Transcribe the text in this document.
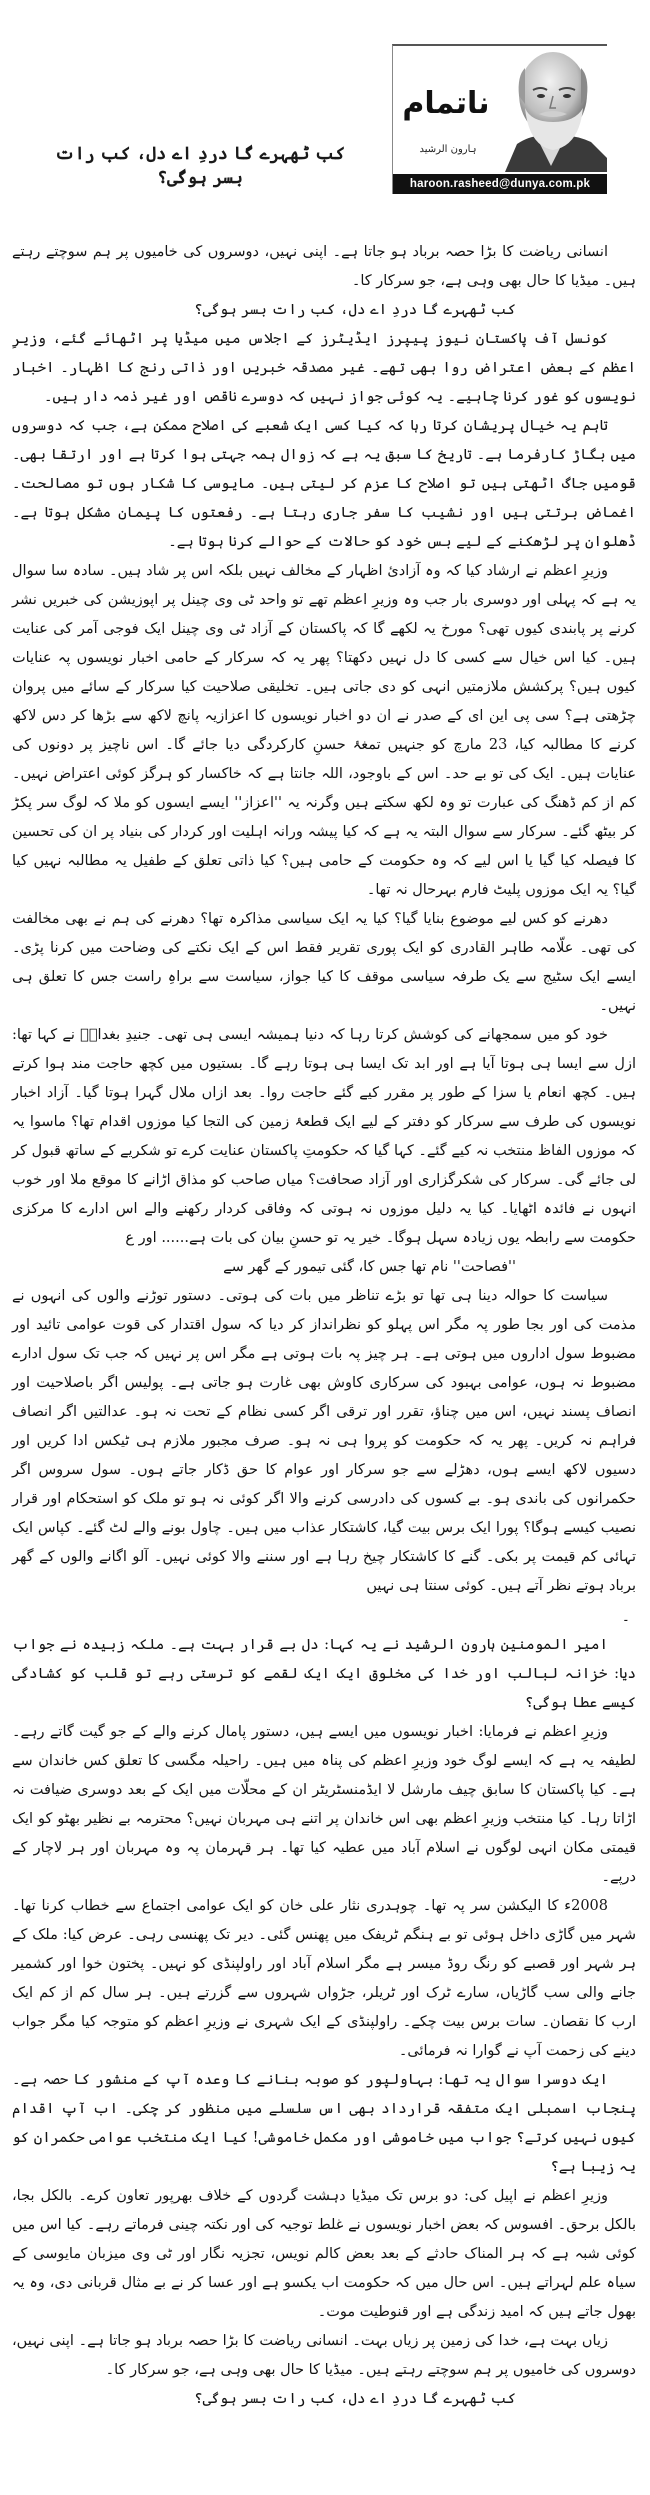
کب ٹھہرے گا دردِ اے دل، کب رات بسر ہوگی؟
ناتمام
ہارون الرشید
haroon.rasheed@dunya.com.pk

انسانی ریاضت کا بڑا حصہ برباد ہو جاتا ہے۔ اپنی نہیں، دوسروں کی خامیوں پر ہم سوچتے رہتے ہیں۔ میڈیا کا حال بھی وہی ہے، جو سرکار کا۔

کب ٹھہرے گا دردِ اے دل، کب رات بسر ہوگی؟

کونسل آف پاکستان نیوز پیپرز ایڈیٹرز کے اجلاس میں میڈیا پر اٹھائے گئے، وزیرِ اعظم کے بعض اعتراض روا بھی تھے۔ غیر مصدقہ خبریں اور ذاتی رنج کا اظہار۔ اخبار نویسوں کو غور کرنا چاہیے۔ یہ کوئی جواز نہیں کہ دوسرے ناقص اور غیر ذمہ دار ہیں۔

تاہم یہ خیال پریشان کرتا رہا کہ کیا کسی ایک شعبے کی اصلاح ممکن ہے، جب کہ دوسروں میں بگاڑ کارفرما ہے۔ تاریخ کا سبق یہ ہے کہ زوال ہمہ جہتی ہوا کرتا ہے اور ارتقا بھی۔ قومیں جاگ اٹھتی ہیں تو اصلاح کا عزم کر لیتی ہیں۔ مایوسی کا شکار ہوں تو مصالحت۔ اغماض برتتی ہیں اور نشیب کا سفر جاری رہتا ہے۔ رفعتوں کا پیمان مشکل ہوتا ہے۔ ڈھلوان پر لڑھکنے کے لیے بس خود کو حالات کے حوالے کرنا ہوتا ہے۔

وزیرِ اعظم نے ارشاد کیا کہ وہ آزادیٔ اظہار کے مخالف نہیں بلکہ اس پر شاد ہیں۔ سادہ سا سوال یہ ہے کہ پہلی اور دوسری بار جب وہ وزیرِ اعظم تھے تو واحد ٹی وی چینل پر اپوزیشن کی خبریں نشر کرنے پر پابندی کیوں تھی؟ مورخ یہ لکھے گا کہ پاکستان کے آزاد ٹی وی چینل ایک فوجی آمر کی عنایت ہیں۔ کیا اس خیال سے کسی کا دل نہیں دکھتا؟ پھر یہ کہ سرکار کے حامی اخبار نویسوں پہ عنایات کیوں ہیں؟ پرکشش ملازمتیں انہی کو دی جاتی ہیں۔ تخلیقی صلاحیت کیا سرکار کے سائے میں پروان چڑھتی ہے؟ سی پی این ای کے صدر نے ان دو اخبار نویسوں کا اعزازیہ پانچ لاکھ سے بڑھا کر دس لاکھ کرنے کا مطالبہ کیا، 23 مارچ کو جنہیں تمغۂ حسنِ کارکردگی دیا جائے گا۔ اس ناچیز پر دونوں کی عنایات ہیں۔ ایک کی تو بے حد۔ اس کے باوجود، اللہ جانتا ہے کہ خاکسار کو ہرگز کوئی اعتراض نہیں۔ کم از کم ڈھنگ کی عبارت تو وہ لکھ سکتے ہیں وگرنہ یہ ''اعزاز'' ایسے ایسوں کو ملا کہ لوگ سر پکڑ کر بیٹھ گئے۔ سرکار سے سوال البتہ یہ ہے کہ کیا پیشہ ورانہ اہلیت اور کردار کی بنیاد پر ان کی تحسین کا فیصلہ کیا گیا یا اس لیے کہ وہ حکومت کے حامی ہیں؟ کیا ذاتی تعلق کے طفیل یہ مطالبہ نہیں کیا گیا؟ یہ ایک موزوں پلیٹ فارم بہرحال نہ تھا۔

دھرنے کو کس لیے موضوع بنایا گیا؟ کیا یہ ایک سیاسی مذاکرہ تھا؟ دھرنے کی ہم نے بھی مخالفت کی تھی۔ علّامہ طاہر القادری کو ایک پوری تقریر فقط اس کے ایک نکتے کی وضاحت میں کرنا پڑی۔ ایسے ایک سٹیج سے یک طرفہ سیاسی موقف کا کیا جواز، سیاست سے براہِ راست جس کا تعلق ہی نہیں۔

خود کو میں سمجھانے کی کوشش کرتا رہا کہ دنیا ہمیشہ ایسی ہی تھی۔ جنیدِ بغدادؒ نے کہا تھا: ازل سے ایسا ہی ہوتا آیا ہے اور ابد تک ایسا ہی ہوتا رہے گا۔ بستیوں میں کچھ حاجت مند ہوا کرتے ہیں۔ کچھ انعام یا سزا کے طور پر مقرر کیے گئے حاجت روا۔ بعد ازاں ملال گہرا ہوتا گیا۔ آزاد اخبار نویسوں کی طرف سے سرکار کو دفتر کے لیے ایک قطعۂ زمین کی التجا کیا موزوں اقدام تھا؟ ماسوا یہ کہ موزوں الفاظ منتخب نہ کیے گئے۔ کہا گیا کہ حکومتِ پاکستان عنایت کرے تو شکریے کے ساتھ قبول کر لی جائے گی۔ سرکار کی شکرگزاری اور آزاد صحافت؟ میاں صاحب کو مذاق اڑانے کا موقع ملا اور خوب انہوں نے فائدہ اٹھایا۔ کیا یہ دلیل موزوں نہ ہوتی کہ وفاقی کردار رکھنے والے اس ادارے کا مرکزی حکومت سے رابطہ یوں زیادہ سہل ہوگا۔ خیر یہ تو حسنِ بیان کی بات ہے...... اور ع

''فصاحت'' نام تھا جس کا، گئی تیمور کے گھر سے

سیاست کا حوالہ دینا ہی تھا تو بڑے تناظر میں بات کی ہوتی۔ دستور توڑنے والوں کی انہوں نے مذمت کی اور بجا طور پہ مگر اس پہلو کو نظرانداز کر دیا کہ سول اقتدار کی قوت عوامی تائید اور مضبوط سول اداروں میں ہوتی ہے۔ ہر چیز پہ بات ہوتی ہے مگر اس پر نہیں کہ جب تک سول ادارے مضبوط نہ ہوں، عوامی بہبود کی سرکاری کاوش بھی غارت ہو جاتی ہے۔ پولیس اگر باصلاحیت اور انصاف پسند نہیں، اس میں چناؤ، تقرر اور ترقی اگر کسی نظام کے تحت نہ ہو۔ عدالتیں اگر انصاف فراہم نہ کریں۔ پھر یہ کہ حکومت کو پروا ہی نہ ہو۔ صرف مجبور ملازم ہی ٹیکس ادا کریں اور دسیوں لاکھ ایسے ہوں، دھڑلے سے جو سرکار اور عوام کا حق ڈکار جاتے ہوں۔ سول سروس اگر حکمرانوں کی باندی ہو۔ بے کسوں کی دادرسی کرنے والا اگر کوئی نہ ہو تو ملک کو استحکام اور قرار نصیب کیسے ہوگا؟ پورا ایک برس بیت گیا، کاشتکار عذاب میں ہیں۔ چاول بونے والے لٹ گئے۔ کپاس ایک تہائی کم قیمت پر بکی۔ گنے کا کاشتکار چیخ رہا ہے اور سننے والا کوئی نہیں۔ آلو اگانے والوں کے گھر برباد ہوتے نظر آتے ہیں۔ کوئی سنتا ہی نہیں

۔

امیر المومنین ہارون الرشید نے یہ کہا: دل بے قرار بہت ہے۔ ملکہ زبیدہ نے جواب دیا: خزانہ لبالب اور خدا کی مخلوق ایک ایک لقمے کو ترستی رہے تو قلب کو کشادگی کیسے عطا ہوگی؟

وزیرِ اعظم نے فرمایا: اخبار نویسوں میں ایسے ہیں، دستور پامال کرنے والے کے جو گیت گاتے رہے۔ لطیفہ یہ ہے کہ ایسے لوگ خود وزیرِ اعظم کی پناہ میں ہیں۔ راحیلہ مگسی کا تعلق کس خاندان سے ہے۔ کیا پاکستان کا سابق چیف مارشل لا ایڈمنسٹریٹر ان کے محلّات میں ایک کے بعد دوسری ضیافت نہ اڑاتا رہا۔ کیا منتخب وزیرِ اعظم بھی اس خاندان پر اتنے ہی مہربان نہیں؟ محترمہ بے نظیر بھٹو کو ایک قیمتی مکان انہی لوگوں نے اسلام آباد میں عطیہ کیا تھا۔ ہر قہرمان پہ وہ مہربان اور ہر لاچار کے درپے۔

2008ء کا الیکشن سر پہ تھا۔ چوہدری نثار علی خان کو ایک عوامی اجتماع سے خطاب کرنا تھا۔ شہر میں گاڑی داخل ہوئی تو بے ہنگم ٹریفک میں پھنس گئی۔ دیر تک پھنسی رہی۔ عرض کیا: ملک کے ہر شہر اور قصبے کو رنگ روڈ میسر ہے مگر اسلام آباد اور راولپنڈی کو نہیں۔ پختون خوا اور کشمیر جانے والی سب گاڑیاں، سارے ٹرک اور ٹریلر، جڑواں شہروں سے گزرتے ہیں۔ ہر سال کم از کم ایک ارب کا نقصان۔ سات برس بیت چکے۔ راولپنڈی کے ایک شہری نے وزیرِ اعظم کو متوجہ کیا مگر جواب دینے کی زحمت آپ نے گوارا نہ فرمائی۔

ایک دوسرا سوال یہ تھا: بہاولپور کو صوبہ بنانے کا وعدہ آپ کے منشور کا حصہ ہے۔ پنجاب اسمبلی ایک متفقہ قرارداد بھی اس سلسلے میں منظور کر چکی۔ اب آپ اقدام کیوں نہیں کرتے؟ جواب میں خاموشی اور مکمل خاموشی! کیا ایک منتخب عوامی حکمران کو یہ زیبا ہے؟

وزیرِ اعظم نے اپیل کی: دو برس تک میڈیا دہشت گردوں کے خلاف بھرپور تعاون کرے۔ بالکل بجا، بالکل برحق۔ افسوس کہ بعض اخبار نویسوں نے غلط توجیہ کی اور نکتہ چینی فرماتے رہے۔ کیا اس میں کوئی شبہ ہے کہ ہر المناک حادثے کے بعد بعض کالم نویس، تجزیہ نگار اور ٹی وی میزبان مایوسی کے سیاہ علم لہراتے ہیں۔ اس حال میں کہ حکومت اب یکسو ہے اور عسا کر نے بے مثال قربانی دی، وہ یہ بھول جاتے ہیں کہ امید زندگی ہے اور قنوطیت موت۔

زیاں بہت ہے، خدا کی زمین پر زیاں بہت۔ انسانی ریاضت کا بڑا حصہ برباد ہو جاتا ہے۔ اپنی نہیں، دوسروں کی خامیوں پر ہم سوچتے رہتے ہیں۔ میڈیا کا حال بھی وہی ہے، جو سرکار کا۔

کب ٹھہرے گا دردِ اے دل، کب رات بسر ہوگی؟
